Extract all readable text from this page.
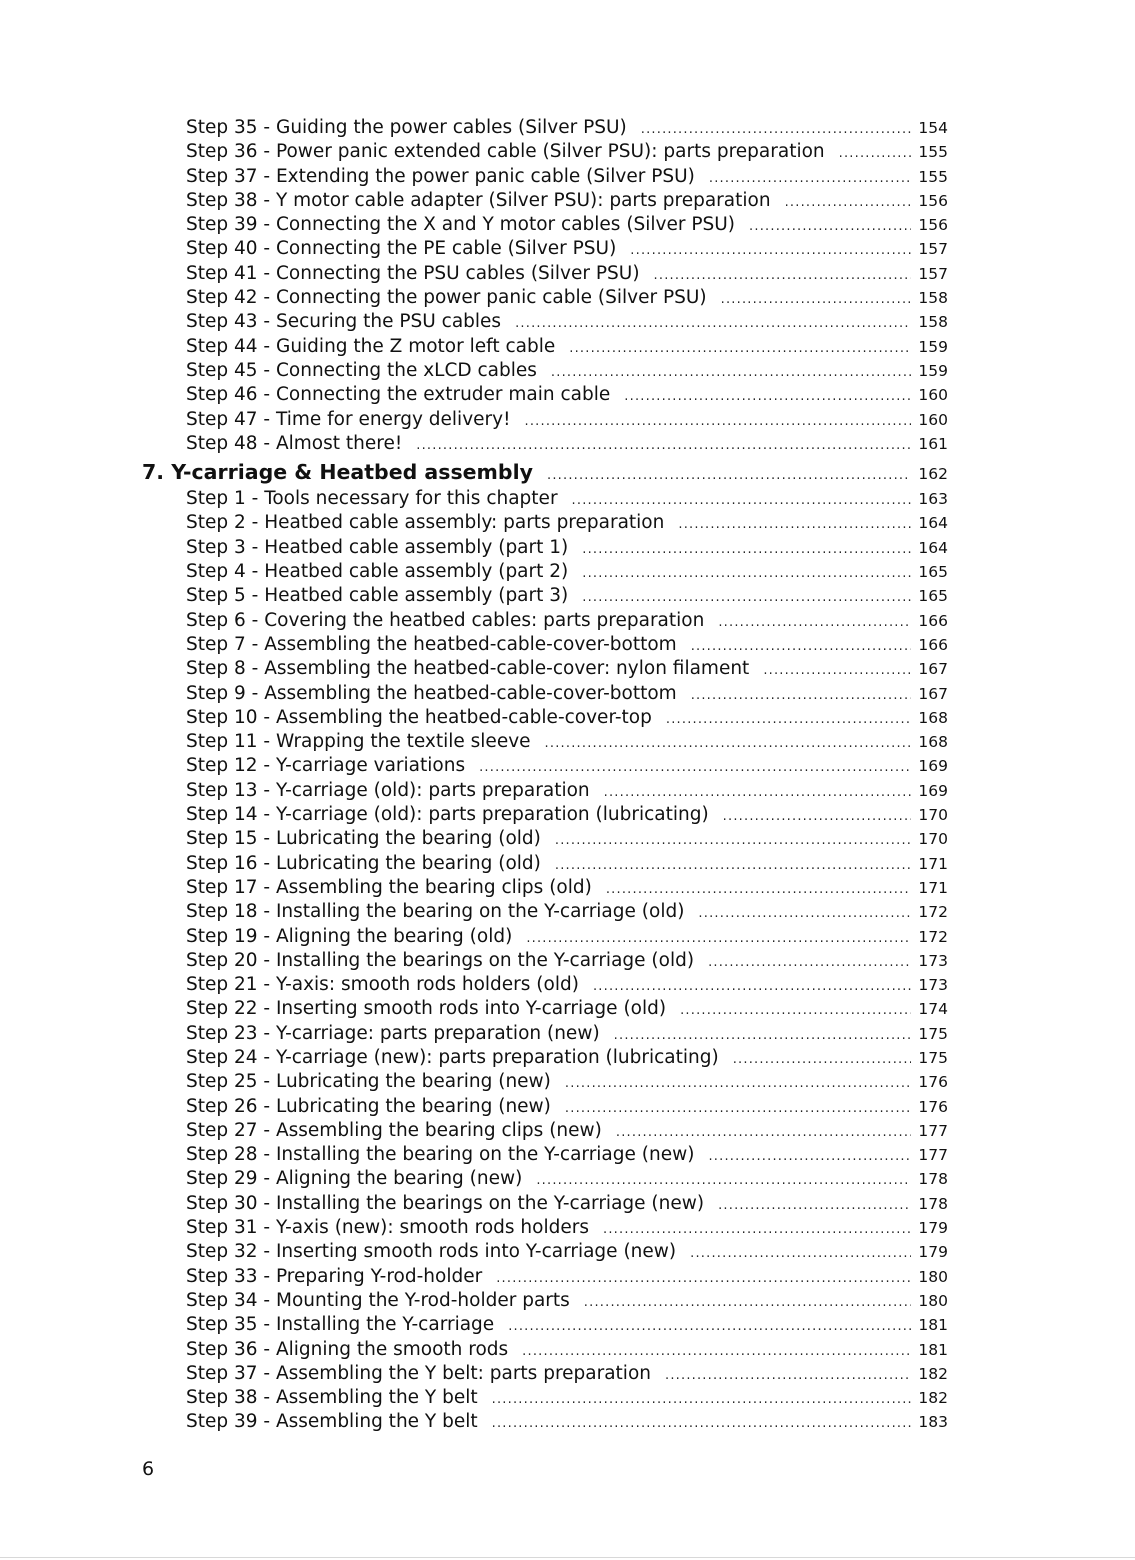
Step 35 - Guiding the power cables (Silver PSU) .....	154
Step 36 - Power panic extended cable (Silver PSU): parts preparation .....	155
Step 37 - Extending the power panic cable (Silver PSU) .....	155
Step 38 - Y motor cable adapter (Silver PSU): parts preparation .....	156
Step 39 - Connecting the X and Y motor cables (Silver PSU) .....	156
Step 40 - Connecting the PE cable (Silver PSU) .....	157
Step 41 - Connecting the PSU cables (Silver PSU) .....	157
Step 42 - Connecting the power panic cable (Silver PSU) .....	158
Step 43 - Securing the PSU cables .....	158
Step 44 - Guiding the Z motor left cable .....	159
Step 45 - Connecting the xLCD cables .....	159
Step 46 - Connecting the extruder main cable .....	160
Step 47 - Time for energy delivery! .....	160
Step 48 - Almost there! .....	161
7. Y-carriage & Heatbed assembly .....	162
Step 1 - Tools necessary for this chapter .....	163
Step 2 - Heatbed cable assembly: parts preparation .....	164
Step 3 - Heatbed cable assembly (part 1) .....	164
Step 4 - Heatbed cable assembly (part 2) .....	165
Step 5 - Heatbed cable assembly (part 3) .....	165
Step 6 - Covering the heatbed cables: parts preparation .....	166
Step 7 - Assembling the heatbed-cable-cover-bottom .....	166
Step 8 - Assembling the heatbed-cable-cover: nylon filament .....	167
Step 9 - Assembling the heatbed-cable-cover-bottom .....	167
Step 10 - Assembling the heatbed-cable-cover-top .....	168
Step 11 - Wrapping the textile sleeve .....	168
Step 12 - Y-carriage variations .....	169
Step 13 - Y-carriage (old): parts preparation .....	169
Step 14 - Y-carriage (old): parts preparation (lubricating) .....	170
Step 15 - Lubricating the bearing (old) .....	170
Step 16 - Lubricating the bearing (old) .....	171
Step 17 - Assembling the bearing clips (old) .....	171
Step 18 - Installing the bearing on the Y-carriage (old) .....	172
Step 19 - Aligning the bearing (old) .....	172
Step 20 - Installing the bearings on the Y-carriage (old) .....	173
Step 21 - Y-axis: smooth rods holders (old) .....	173
Step 22 - Inserting smooth rods into Y-carriage (old) .....	174
Step 23 - Y-carriage: parts preparation (new) .....	175
Step 24 - Y-carriage (new): parts preparation (lubricating) .....	175
Step 25 - Lubricating the bearing (new) .....	176
Step 26 - Lubricating the bearing (new) .....	176
Step 27 - Assembling the bearing clips (new) .....	177
Step 28 - Installing the bearing on the Y-carriage (new) .....	177
Step 29 - Aligning the bearing (new) .....	178
Step 30 - Installing the bearings on the Y-carriage (new) .....	178
Step 31 - Y-axis (new): smooth rods holders .....	179
Step 32 - Inserting smooth rods into Y-carriage (new) .....	179
Step 33 - Preparing Y-rod-holder .....	180
Step 34 - Mounting the Y-rod-holder parts .....	180
Step 35 - Installing the Y-carriage .....	181
Step 36 - Aligning the smooth rods .....	181
Step 37 - Assembling the Y belt: parts preparation .....	182
Step 38 - Assembling the Y belt .....	182
Step 39 - Assembling the Y belt .....	183
6
